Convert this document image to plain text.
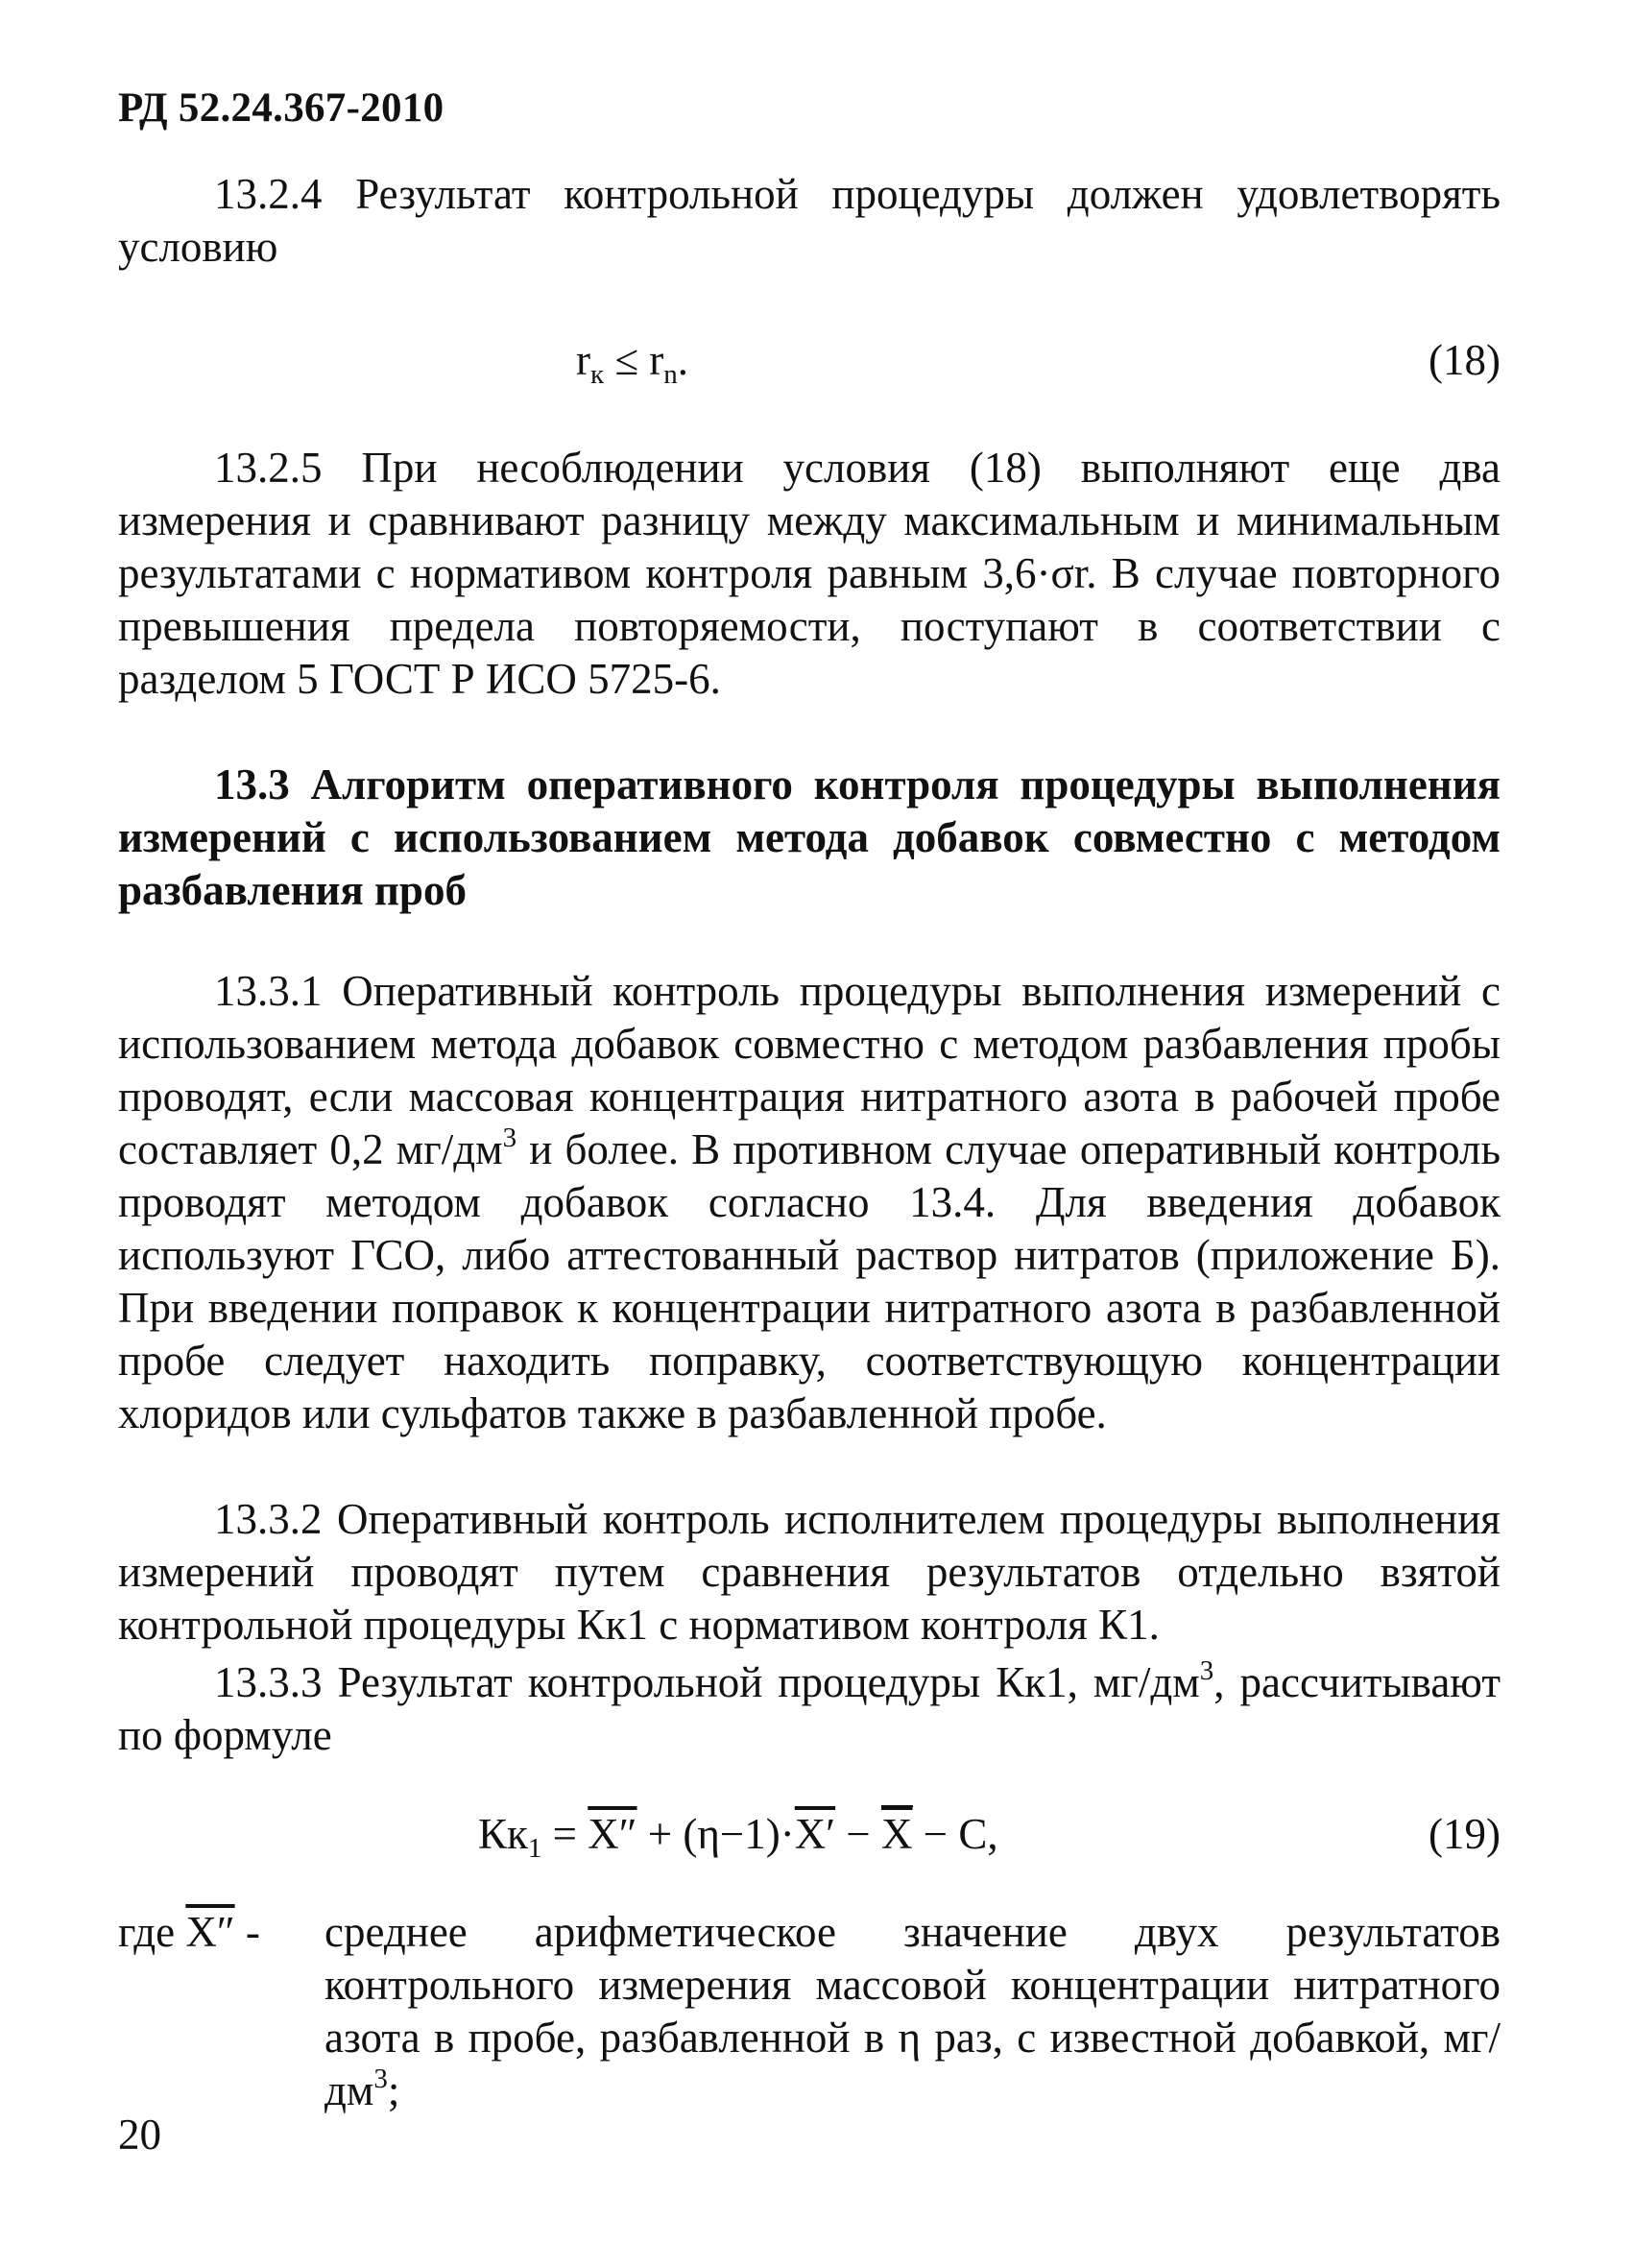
РД 52.24.367-2010

13.2.4 Результат контрольной процедуры должен удовлетворять условию

$r_к \le r_n$.	(18)

13.2.5 При несоблюдении условия (18) выполняют еще два измерения и сравнивают разницу между максимальным и минимальным результатами с нормативом контроля равным 3,6·σr. В случае повторного превышения предела повторяемости, поступают в соответствии с разделом 5 ГОСТ Р ИСО 5725-6.

13.3 Алгоритм оперативного контроля процедуры выполнения измерений с использованием метода добавок совместно с методом разбавления проб

13.3.1 Оперативный контроль процедуры выполнения измерений с использованием метода добавок совместно с методом разбавления пробы проводят, если массовая концентрация нитратного азота в рабочей пробе составляет 0,2 $мг/дм^3$ и более. В противном случае оперативный контроль проводят методом добавок согласно 13.4. Для введения добавок используют ГСО, либо аттестованный раствор нитратов (приложение Б). При введении поправок к концентрации нитратного азота в разбавленной пробе следует находить поправку, соответствующую концентрации хлоридов или сульфатов также в разбавленной пробе.

13.3.2 Оперативный контроль исполнителем процедуры выполнения измерений проводят путем сравнения результатов отдельно взятой контрольной процедуры Кк1 с нормативом контроля К1.

13.3.3 Результат контрольной процедуры Кк1, $мг/дм^3$, рассчитывают по формуле

$Кк_1 = X'' + (\eta-1)\cdot X' - \overline{X} - C$,	(19)
где X″ - среднее арифметическое значение двух результатов контрольного измерения массовой концентрации нитратного азота в пробе, разбавленной в η раз, с известной добавкой, $мг/дм^3$;

20
